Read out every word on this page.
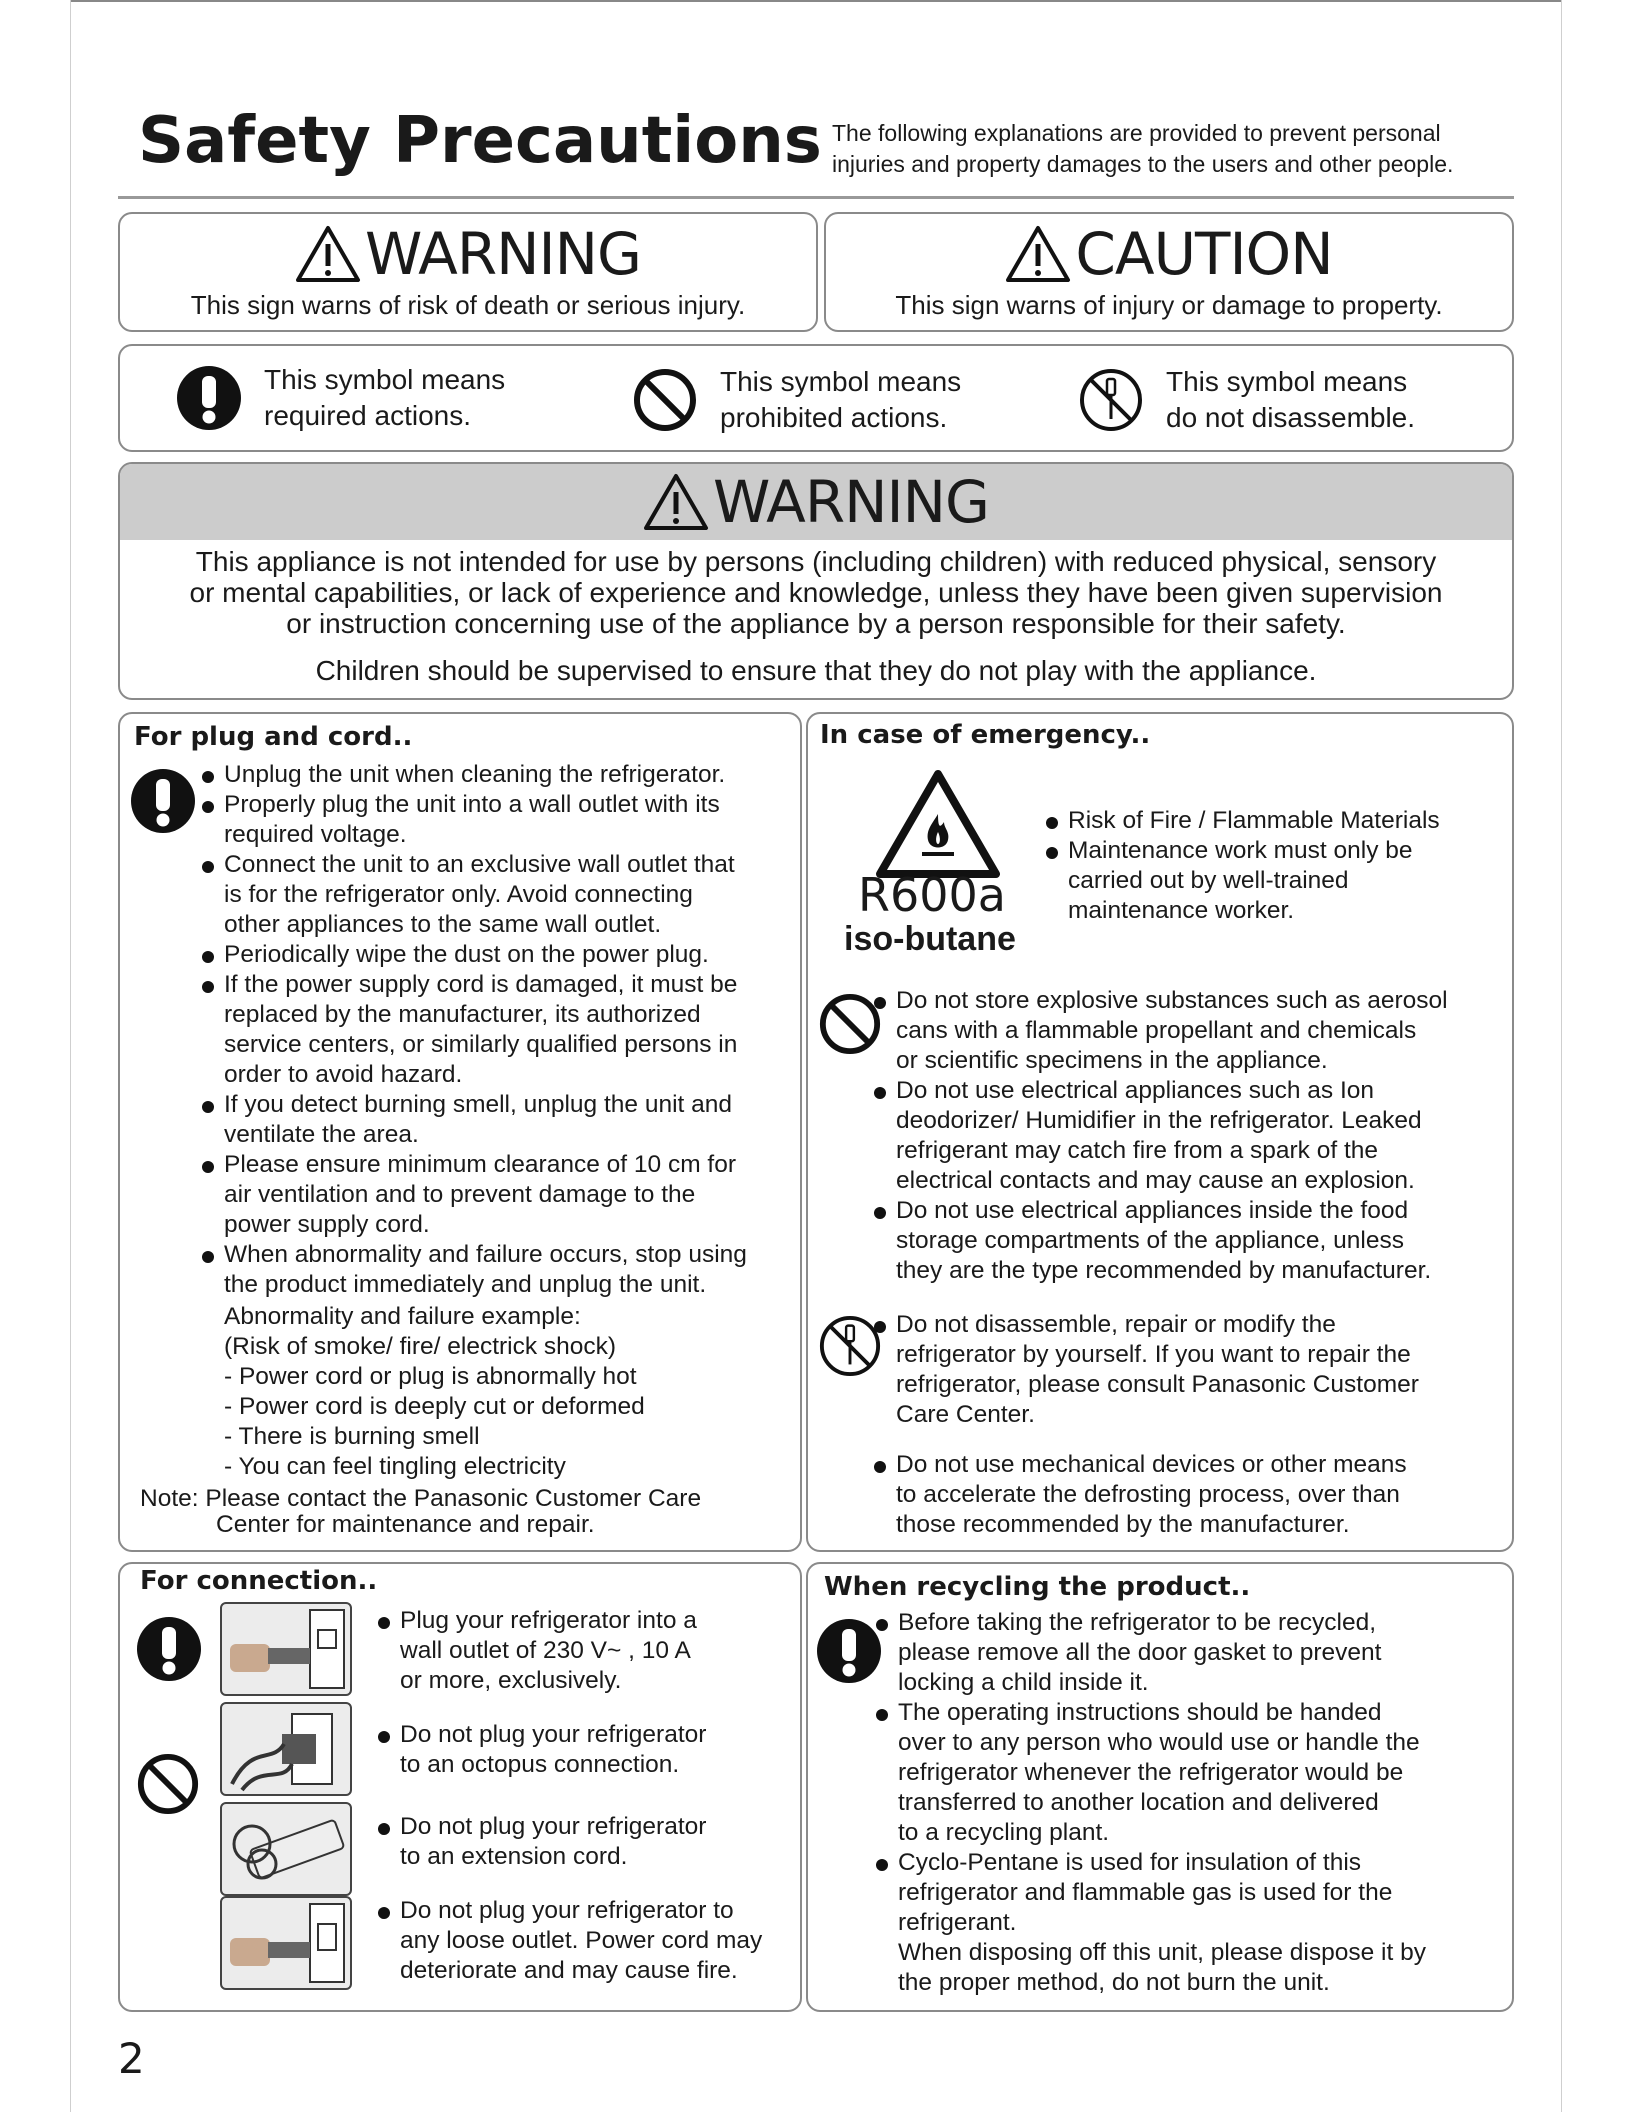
Safety Precautions The following explanations are provided to prevent personal
injuries and property damages to the users and other people.
WARNING
This sign warns of risk of death or serious injury.
CAUTION
This sign warns of injury or damage to property.
This symbol means
required actions.
This symbol means
prohibited actions.
This symbol means
do not disassemble.
WARNING
This appliance is not intended for use by persons (including children) with reduced physical, sensory
or mental capabilities, or lack of experience and knowledge, unless they have been given supervision
or instruction concerning use of the appliance by a person responsible for their safety.
Children should be supervised to ensure that they do not play with the appliance.
For plug and cord..
Unplug the unit when cleaning the refrigerator.
Properly plug the unit into a wall outlet with its
required voltage.
Connect the unit to an exclusive wall outlet that
is for the refrigerator only. Avoid connecting
other appliances to the same wall outlet.
Periodically wipe the dust on the power plug.
If the power supply cord is damaged, it must be
replaced by the manufacturer, its authorized
service centers, or similarly qualified persons in
order to avoid hazard.
If you detect burning smell, unplug the unit and
ventilate the area.
Please ensure minimum clearance of 10 cm for
air ventilation and to prevent damage to the
power supply cord.
When abnormality and failure occurs, stop using
the product immediately and unplug the unit.
Abnormality and failure example:
(Risk of smoke/ fire/ electrick shock)
- Power cord or plug is abnormally hot
- Power cord is deeply cut or deformed
- There is burning smell
- You can feel tingling electricity
Note: Please contact the Panasonic Customer Care
Center for maintenance and repair.
In case of emergency..
R600a
iso-butane
Risk of Fire / Flammable Materials
Maintenance work must only be
carried out by well-trained
maintenance worker.
Do not store explosive substances such as aerosol
cans with a flammable propellant and chemicals
or scientific specimens in the appliance.
Do not use electrical appliances such as Ion
deodorizer/ Humidifier in the refrigerator. Leaked
refrigerant may catch fire from a spark of the
electrical contacts and may cause an explosion.
Do not use electrical appliances inside the food
storage compartments of the appliance, unless
they are the type recommended by manufacturer.
Do not disassemble, repair or modify the
refrigerator by yourself. If you want to repair the
refrigerator, please consult Panasonic Customer
Care Center.
Do not use mechanical devices or other means
to accelerate the defrosting process, over than
those recommended by the manufacturer.
For connection..
Plug your refrigerator into a
wall outlet of 230 V~ , 10 A
or more, exclusively.
Do not plug your refrigerator
to an octopus connection.
Do not plug your refrigerator
to an extension cord.
Do not plug your refrigerator to
any loose outlet. Power cord may
deteriorate and may cause fire.
When recycling the product..
Before taking the refrigerator to be recycled,
please remove all the door gasket to prevent
locking a child inside it.
The operating instructions should be handed
over to any person who would use or handle the
refrigerator whenever the refrigerator would be
transferred to another location and delivered
to a recycling plant.
Cyclo-Pentane is used for insulation of this
refrigerator and flammable gas is used for the
refrigerant.
When disposing off this unit, please dispose it by
the proper method, do not burn the unit.
2
